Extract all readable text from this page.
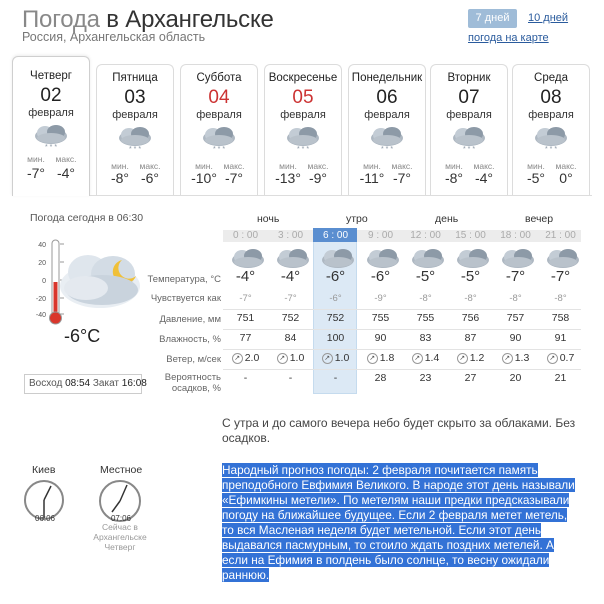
Погода в Архангельске
Россия, Архангельская область
7 дней	10 дней
погода на карте
Четверг
02
февраля
* * *
мин. макс.
-7° -4°
Пятница
03
февраля
* * *
мин. макс.
-8° -6°
Суббота
04
февраля
* * *
мин. макс.
-10° -7°
Воскресенье
05
февраля
* * *
мин. макс.
-13° -9°
Понедельник
06
февраля
* * *
мин. макс.
-11° -7°
Вторник
07
февраля
* * *
мин. макс.
-8° -4°
Среда
08
февраля
* * *
мин. макс.
-5° 0°
Погода сегодня в 06:30
40
20
0
-20
-40
-6°C
Восход 08:54 Закат 16:08
ночь	утро	день	вечер
0 : 00	3 : 00	6 : 00	9 : 00	12 : 00	15 : 00	18 : 00	21 : 00
Температура, °С -4°	-4°	-6°	-6°	-5°	-5°	-7°	-7°
Чувствуется как	-7°	-7°	-6°	-9°	-8°	-8°	-8°	-8°
Давление, мм	751	752	752	755	755	756	757	758
Влажность, %	77	84	100	90	83	87	90	91
Ветер, м/сек	↗ 2.0	↗ 1.0	↗ 1.0	↗ 1.8	↗ 1.4	↗ 1.2	↗ 1.3	↗ 0.7
Вероятность осадков, %
-	-	-	28	23	27	20	21
С утра и до самого вечера небо будет скрыто за облаками. Без осадков.
Народный прогноз погоды: 2 февраля почитается память преподобного Евфимия Великого. В народе этот день называли «Ефимкины метели». По метелям наши предки предсказывали погоду на ближайшее будущее. Если 2 февраля метет метель, то вся Масленая неделя будет метельной. Если этот день выдавался пасмурным, то стоило ждать поздних метелей. А если на Ефимия в полдень было солнце, то весну ожидали раннюю.
Киев
06:06
Местное
07:06
Сейчас в Архангельске Четверг
